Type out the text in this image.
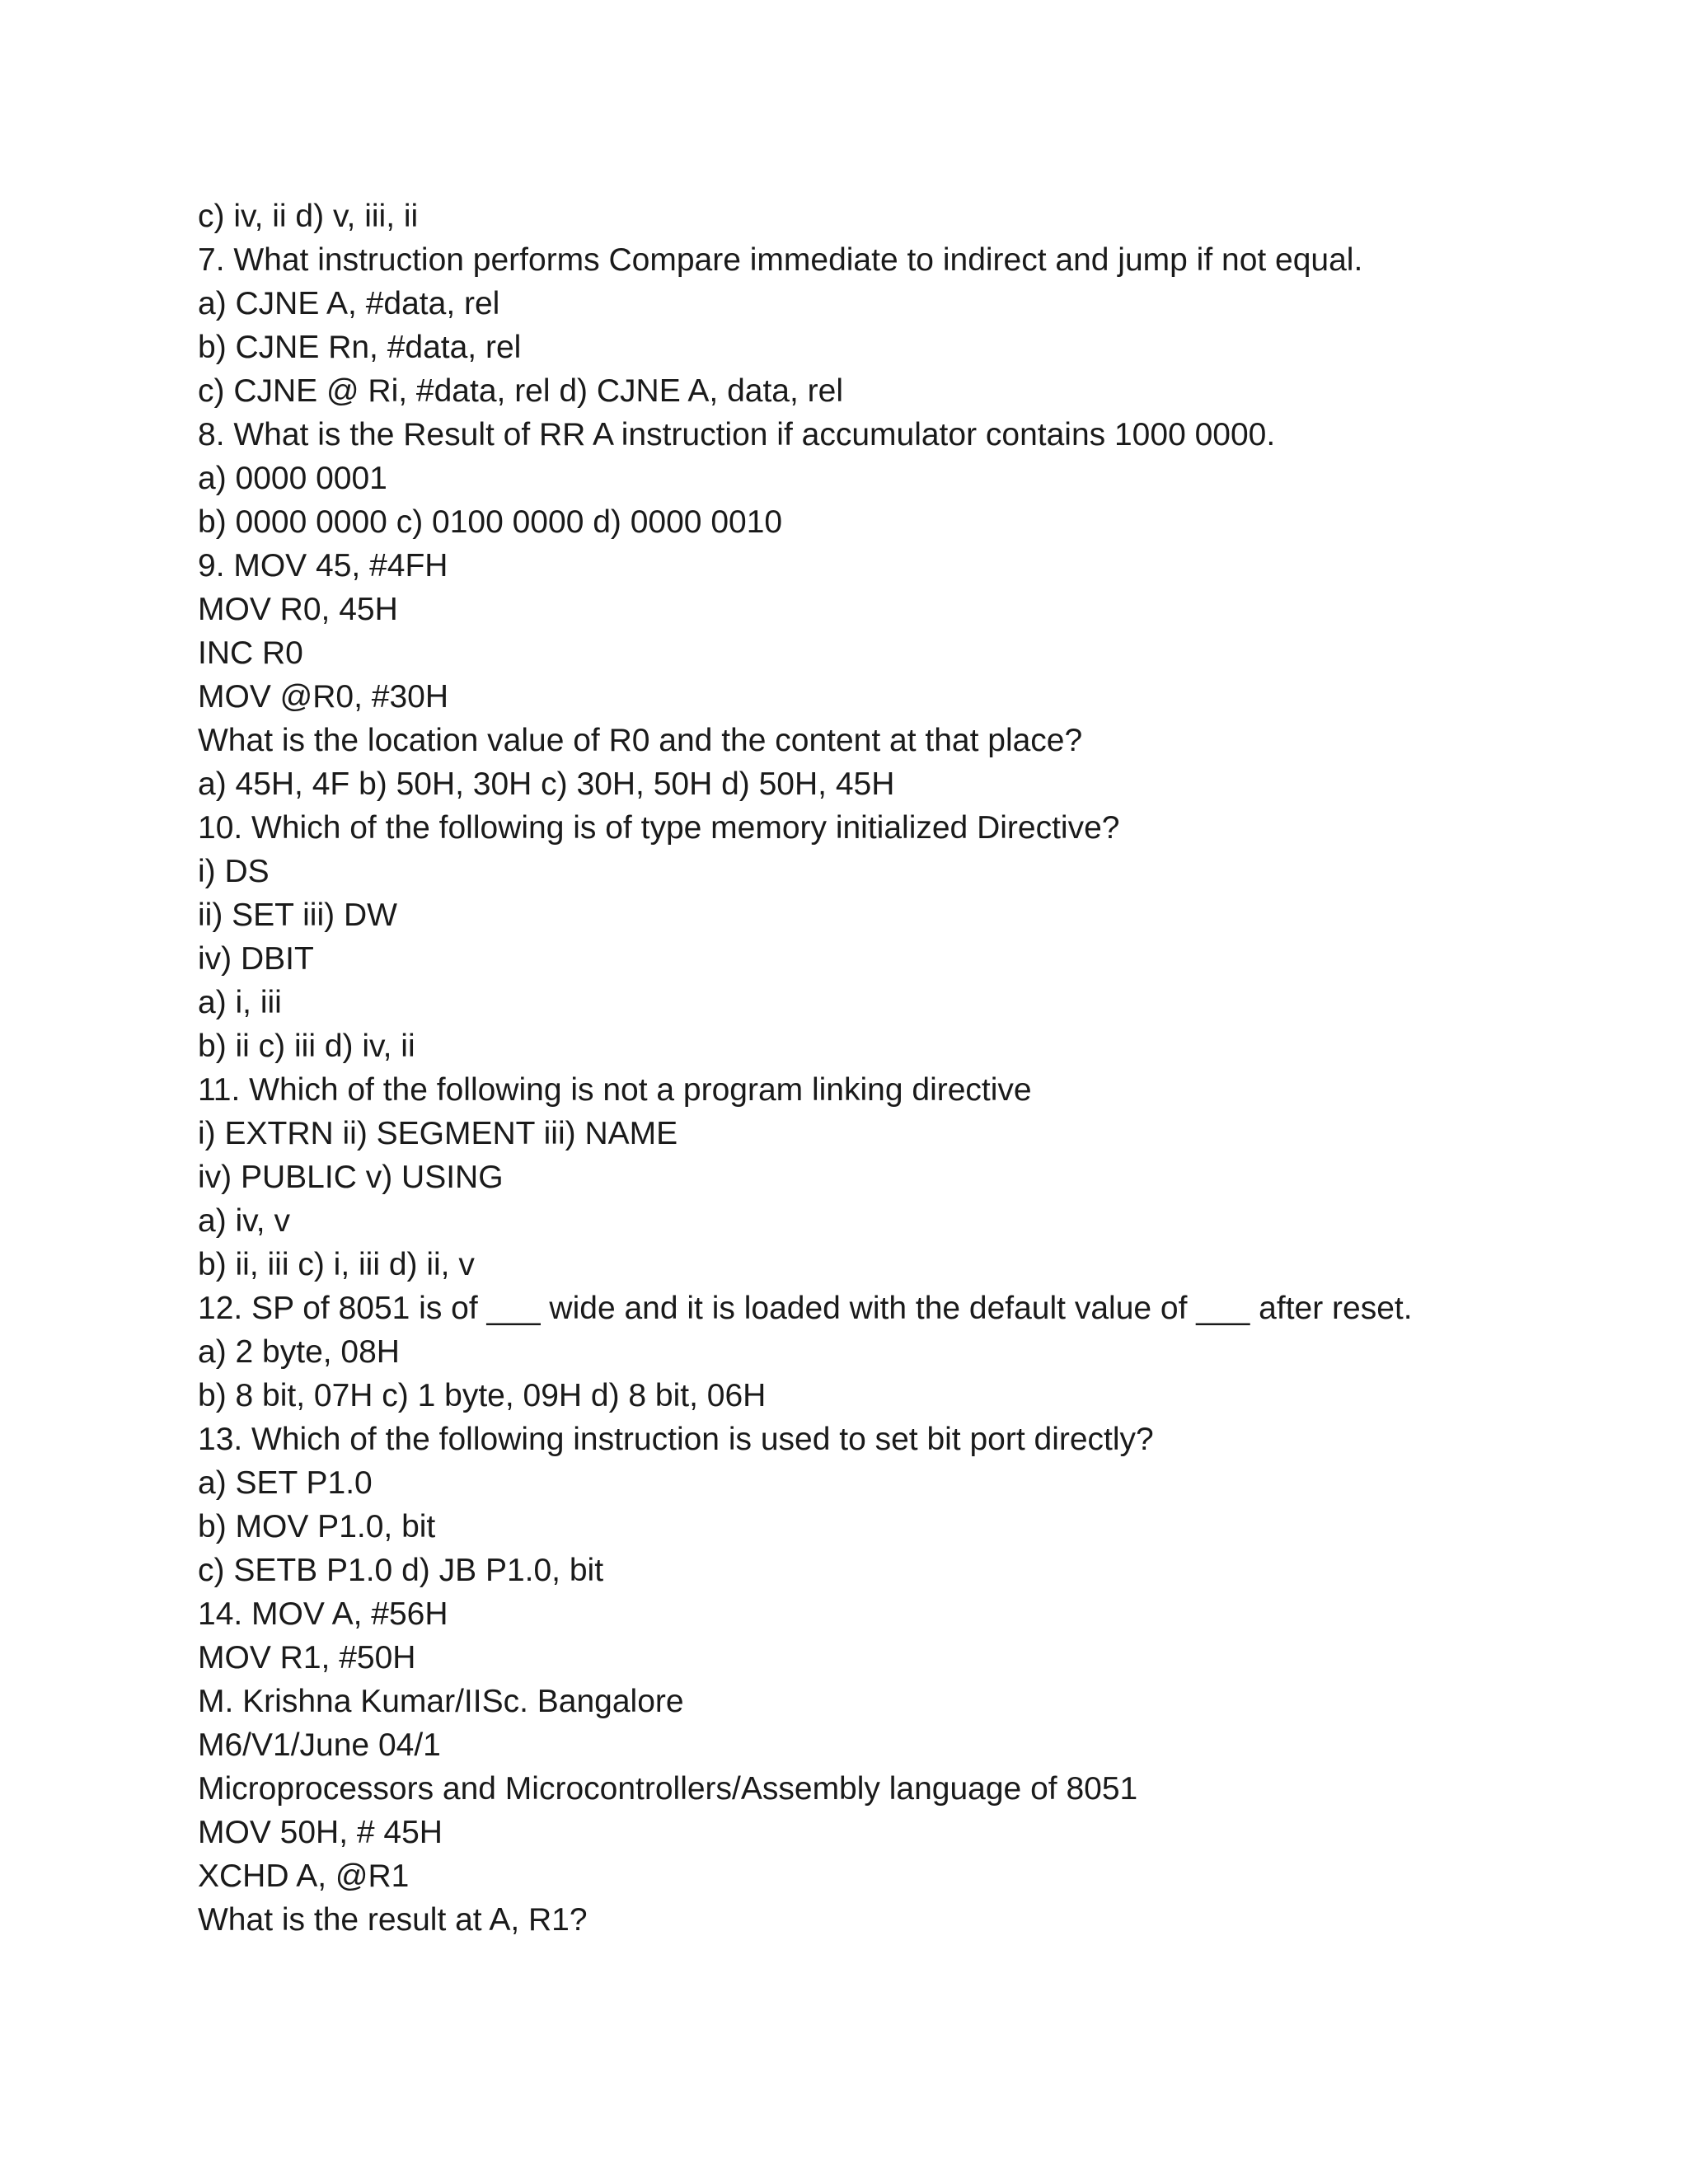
c) iv, ii d) v, iii, ii
7. What instruction performs Compare immediate to indirect and jump if not equal.
a) CJNE A, #data, rel
b) CJNE Rn, #data, rel
c) CJNE @ Ri, #data, rel d) CJNE A, data, rel
8. What is the Result of RR A instruction if accumulator contains 1000 0000.
a) 0000 0001
b) 0000 0000 c) 0100 0000 d) 0000 0010
9. MOV 45, #4FH
MOV R0, 45H
INC R0
MOV @R0, #30H
What is the location value of R0 and the content at that place?
a) 45H, 4F b) 50H, 30H c) 30H, 50H d) 50H, 45H
10. Which of the following is of type memory initialized Directive?
i) DS
ii) SET iii) DW
iv) DBIT
a) i, iii
b) ii c) iii d) iv, ii
11. Which of the following is not a program linking directive
i) EXTRN ii) SEGMENT iii) NAME
iv) PUBLIC v) USING
a) iv, v
b) ii, iii c) i, iii d) ii, v
12. SP of 8051 is of ___ wide and it is loaded with the default value of ___ after reset.
a) 2 byte, 08H
b) 8 bit, 07H c) 1 byte, 09H d) 8 bit, 06H
13. Which of the following instruction is used to set bit port directly?
a) SET P1.0
b) MOV P1.0, bit
c) SETB P1.0 d) JB P1.0, bit
14. MOV A, #56H
MOV R1, #50H
M. Krishna Kumar/IISc. Bangalore
M6/V1/June 04/1
Microprocessors and Microcontrollers/Assembly language of 8051
MOV 50H, # 45H
XCHD A, @R1
What is the result at A, R1?
